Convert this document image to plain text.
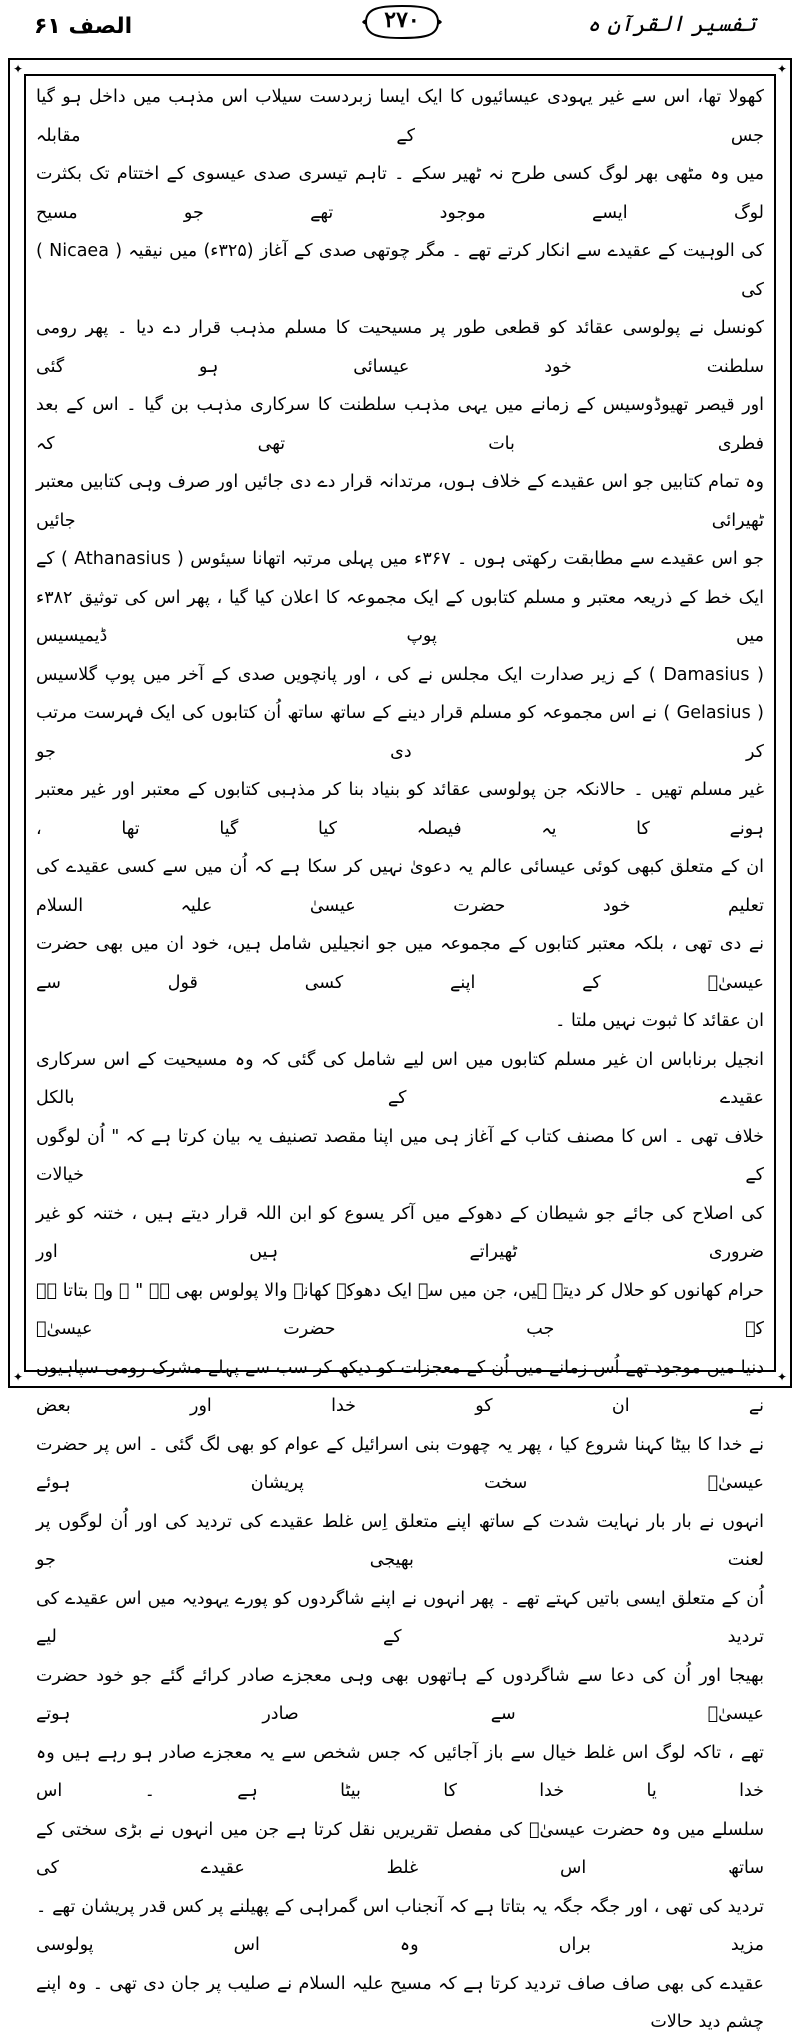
الصف ۶۱	۲۷۰	تفسیر القرآن ہ
✦	✦
✦	✦

کھولا تھا، اس سے غیر یہودی عیسائیوں کا ایک ایسا زبردست سیلاب اس مذہب میں داخل ہو گیا جس کے مقابلہ
میں وہ مٹھی بھر لوگ کسی طرح نہ ٹھیر سکے ۔ تاہم تیسری صدی عیسوی کے اختتام تک بکثرت لوگ ایسے موجود تھے جو مسیح
کی الوہیت کے عقیدے سے انکار کرتے تھے ۔ مگر چوتھی صدی کے آغاز (۳۲۵ء) میں نیقیہ ( Nicaea ) کی
کونسل نے پولوسی عقائد کو قطعی طور پر مسیحیت کا مسلم مذہب قرار دے دیا ۔ پھر رومی سلطنت خود عیسائی ہو گئی
اور قیصر تھیوڈوسیس کے زمانے میں یہی مذہب سلطنت کا سرکاری مذہب بن گیا ۔ اس کے بعد فطری بات تھی کہ
وہ تمام کتابیں جو اس عقیدے کے خلاف ہوں، مرتدانہ قرار دے دی جائیں اور صرف وہی کتابیں معتبر ٹھیرائی جائیں
جو اس عقیدے سے مطابقت رکھتی ہوں ۔ ۳۶۷ء میں پہلی مرتبہ اتھانا سیئوس ( Athanasius ) کے
ایک خط کے ذریعہ معتبر و مسلم کتابوں کے ایک مجموعہ کا اعلان کیا گیا ، پھر اس کی توثیق ۳۸۲ء میں پوپ ڈیمیسیس
( Damasius ) کے زیر صدارت ایک مجلس نے کی ، اور پانچویں صدی کے آخر میں پوپ گلاسیس
( Gelasius ) نے اس مجموعہ کو مسلم قرار دینے کے ساتھ ساتھ اُن کتابوں کی ایک فہرست مرتب کر دی جو
غیر مسلم تھیں ۔ حالانکہ جن پولوسی عقائد کو بنیاد بنا کر مذہبی کتابوں کے معتبر اور غیر معتبر ہونے کا یہ فیصلہ کیا گیا تھا ،
ان کے متعلق کبھی کوئی عیسائی عالم یہ دعویٰ نہیں کر سکا ہے کہ اُن میں سے کسی عقیدے کی تعلیم خود حضرت عیسیٰ علیہ السلام
نے دی تھی ، بلکہ معتبر کتابوں کے مجموعہ میں جو انجیلیں شامل ہیں، خود ان میں بھی حضرت عیسیٰؑ کے اپنے کسی قول سے
ان عقائد کا ثبوت نہیں ملتا ۔

انجیل برناباس ان غیر مسلم کتابوں میں اس لیے شامل کی گئی کہ وہ مسیحیت کے اس سرکاری عقیدے کے بالکل
خلاف تھی ۔ اس کا مصنف کتاب کے آغاز ہی میں اپنا مقصد تصنیف یہ بیان کرتا ہے کہ " اُن لوگوں کے خیالات
کی اصلاح کی جائے جو شیطان کے دھوکے میں آکر یسوع کو ابن اللہ قرار دیتے ہیں ، ختنہ کو غیر ضروری ٹھیراتے ہیں اور
حرام کھانوں کو حلال کر دیتے ہیں، جن میں سے ایک دھوکہ کھانے والا پولوس بھی ہے " ۔ وہ بتاتا ہے کہ جب حضرت عیسیٰؑ
دنیا میں موجود تھے اُس زمانے میں اُن کے معجزات کو دیکھ کر سب سے پہلے مشرک رومی سپاہیوں نے ان کو خدا اور بعض
نے خدا کا بیٹا کہنا شروع کیا ، پھر یہ چھوت بنی اسرائیل کے عوام کو بھی لگ گئی ۔ اس پر حضرت عیسیٰؑ سخت پریشان ہوئے
انہوں نے بار بار نہایت شدت کے ساتھ اپنے متعلق اِس غلط عقیدے کی تردید کی اور اُن لوگوں پر لعنت بھیجی جو
اُن کے متعلق ایسی باتیں کہتے تھے ۔ پھر انہوں نے اپنے شاگردوں کو پورے یہودیہ میں اس عقیدے کی تردید کے لیے
بھیجا اور اُن کی دعا سے شاگردوں کے ہاتھوں بھی وہی معجزے صادر کرائے گئے جو خود حضرت عیسیٰؑ سے صادر ہوتے
تھے ، تاکہ لوگ اس غلط خیال سے باز آجائیں کہ جس شخص سے یہ معجزے صادر ہو رہے ہیں وہ خدا یا خدا کا بیٹا ہے ۔ اس
سلسلے میں وہ حضرت عیسیٰؑ کی مفصل تقریریں نقل کرتا ہے جن میں انہوں نے بڑی سختی کے ساتھ اس غلط عقیدے کی
تردید کی تھی ، اور جگہ جگہ یہ بتاتا ہے کہ آنجناب اس گمراہی کے پھیلنے پر کس قدر پریشان تھے ۔ مزید براں وہ اس پولوسی
عقیدے کی بھی صاف صاف تردید کرتا ہے کہ مسیح علیہ السلام نے صلیب پر جان دی تھی ۔ وہ اپنے چشم دید حالات
